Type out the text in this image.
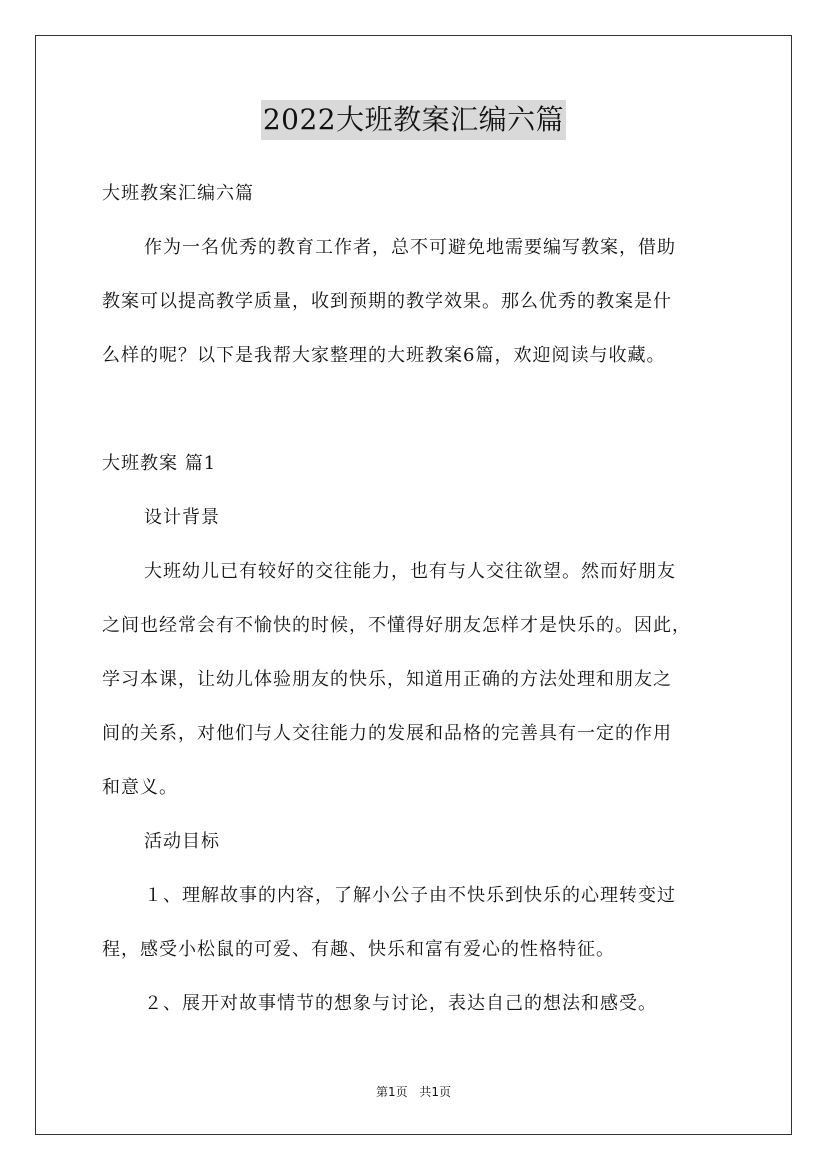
2022大班教案汇编六篇
大班教案汇编六篇
作为一名优秀的教育工作者，总不可避免地需要编写教案，借助
教案可以提高教学质量，收到预期的教学效果。那么优秀的教案是什
么样的呢？以下是我帮大家整理的大班教案6篇，欢迎阅读与收藏。
大班教案 篇1
设计背景
大班幼儿已有较好的交往能力，也有与人交往欲望。然而好朋友
之间也经常会有不愉快的时候，不懂得好朋友怎样才是快乐的。因此，
学习本课，让幼儿体验朋友的快乐，知道用正确的方法处理和朋友之
间的关系，对他们与人交往能力的发展和品格的完善具有一定的作用
和意义。
活动目标
１、理解故事的内容，了解小公子由不快乐到快乐的心理转变过
程，感受小松鼠的可爱、有趣、快乐和富有爱心的性格特征。
２、展开对故事情节的想象与讨论，表达自己的想法和感受。
第1页 共1页
